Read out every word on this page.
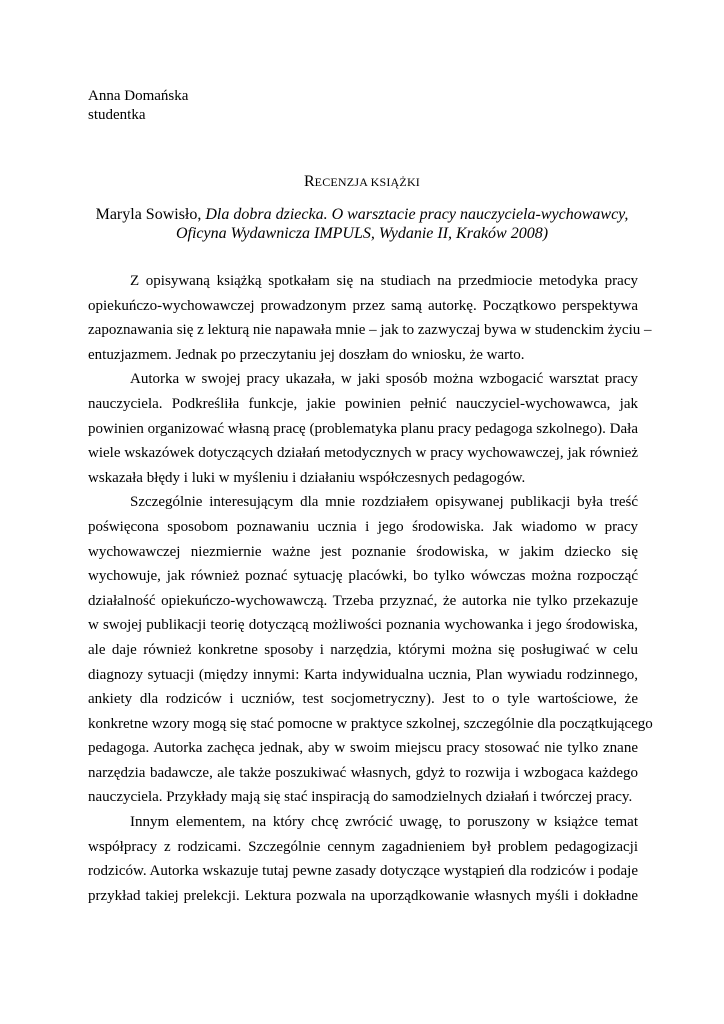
Anna Domańska
studentka
RECENZJA KSIĄŻKI
Maryla Sowisło, Dla dobra dziecka. O warsztacie pracy nauczyciela-wychowawcy,
Oficyna Wydawnicza IMPULS, Wydanie II, Kraków 2008)
Z opisywaną książką spotkałam się na studiach na przedmiocie metodyka pracy
opiekuńczo-wychowawczej prowadzonym przez samą autorkę. Początkowo perspektywa
zapoznawania się z lekturą nie napawała mnie – jak to zazwyczaj bywa w studenckim życiu –
entuzjazmem. Jednak po przeczytaniu jej doszłam do wniosku, że warto.
Autorka w swojej pracy ukazała, w jaki sposób można wzbogacić warsztat pracy
nauczyciela. Podkreśliła funkcje, jakie powinien pełnić nauczyciel-wychowawca, jak
powinien organizować własną pracę (problematyka planu pracy pedagoga szkolnego). Dała
wiele wskazówek dotyczących działań metodycznych w pracy wychowawczej, jak również
wskazała błędy i luki w myśleniu i działaniu współczesnych pedagogów.
Szczególnie interesującym dla mnie rozdziałem opisywanej publikacji była treść
poświęcona sposobom poznawaniu ucznia i jego środowiska. Jak wiadomo w pracy
wychowawczej niezmiernie ważne jest poznanie środowiska, w jakim dziecko się
wychowuje, jak również poznać sytuację placówki, bo tylko wówczas można rozpocząć
działalność opiekuńczo-wychowawczą. Trzeba przyznać, że autorka nie tylko przekazuje
w swojej publikacji teorię dotyczącą możliwości poznania wychowanka i jego środowiska,
ale daje również konkretne sposoby i narzędzia, którymi można się posługiwać w celu
diagnozy sytuacji (między innymi: Karta indywidualna ucznia, Plan wywiadu rodzinnego,
ankiety dla rodziców i uczniów, test socjometryczny). Jest to o tyle wartościowe, że
konkretne wzory mogą się stać pomocne w praktyce szkolnej, szczególnie dla początkującego
pedagoga. Autorka zachęca jednak, aby w swoim miejscu pracy stosować nie tylko znane
narzędzia badawcze, ale także poszukiwać własnych, gdyż to rozwija i wzbogaca każdego
nauczyciela. Przykłady mają się stać inspiracją do samodzielnych działań i twórczej pracy.
Innym elementem, na który chcę zwrócić uwagę, to poruszony w książce temat
współpracy z rodzicami. Szczególnie cennym zagadnieniem był problem pedagogizacji
rodziców. Autorka wskazuje tutaj pewne zasady dotyczące wystąpień dla rodziców i podaje
przykład takiej prelekcji. Lektura pozwala na uporządkowanie własnych myśli i dokładne
